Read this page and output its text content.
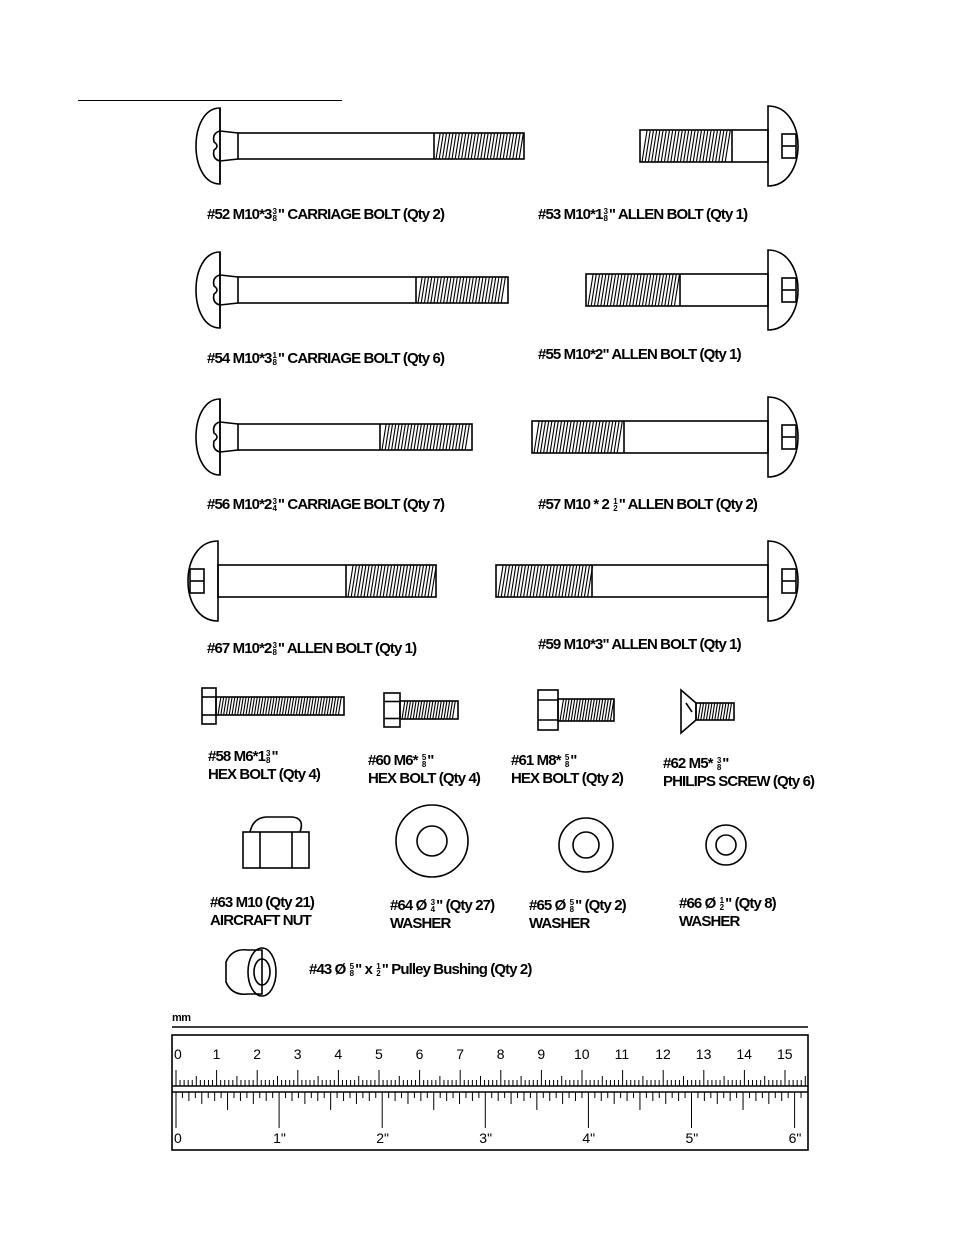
#52 M10*3 3
8 " CARRIAGE BOLT (Qty 2)	#53 M10*1 3
8 " ALLEN BOLT (Qty 1)
#54 M10*3 1
8 " CARRIAGE BOLT (Qty 6)	#55 M10*2" ALLEN BOLT (Qty 1)
#56 M10*2 3
4 " CARRIAGE BOLT (Qty 7)	#57 M10 * 2 1
2 " ALLEN BOLT (Qty 2)
#67 M10*2 3
8 " ALLEN BOLT (Qty 1)	#59 M10*3" ALLEN BOLT (Qty 1)
#58 M6*1 3
8 "
HEX BOLT (Qty 4)
#60 M6* 5
8 "
HEX BOLT (Qty 4)
#61 M8* 5
8 "
HEX BOLT (Qty 2)
#62 M5* 3
8 "
PHILIPS SCREW (Qty 6)
#63 M10 (Qty 21)
AIRCRAFT NUT
#64 Ø 3
4 " (Qty 27)
WASHER
#65 Ø 5
8 " (Qty 2)
WASHER
#66 Ø 1
2 " (Qty 8)
WASHER
#43 Ø 5
8 " x 1
2 " Pulley Bushing (Qty 2)
mm
0 1 2 3 4 5 6 7 8 9 10 11 12 13 14 15
0	1"	2"	3"	4"	5"	6"
